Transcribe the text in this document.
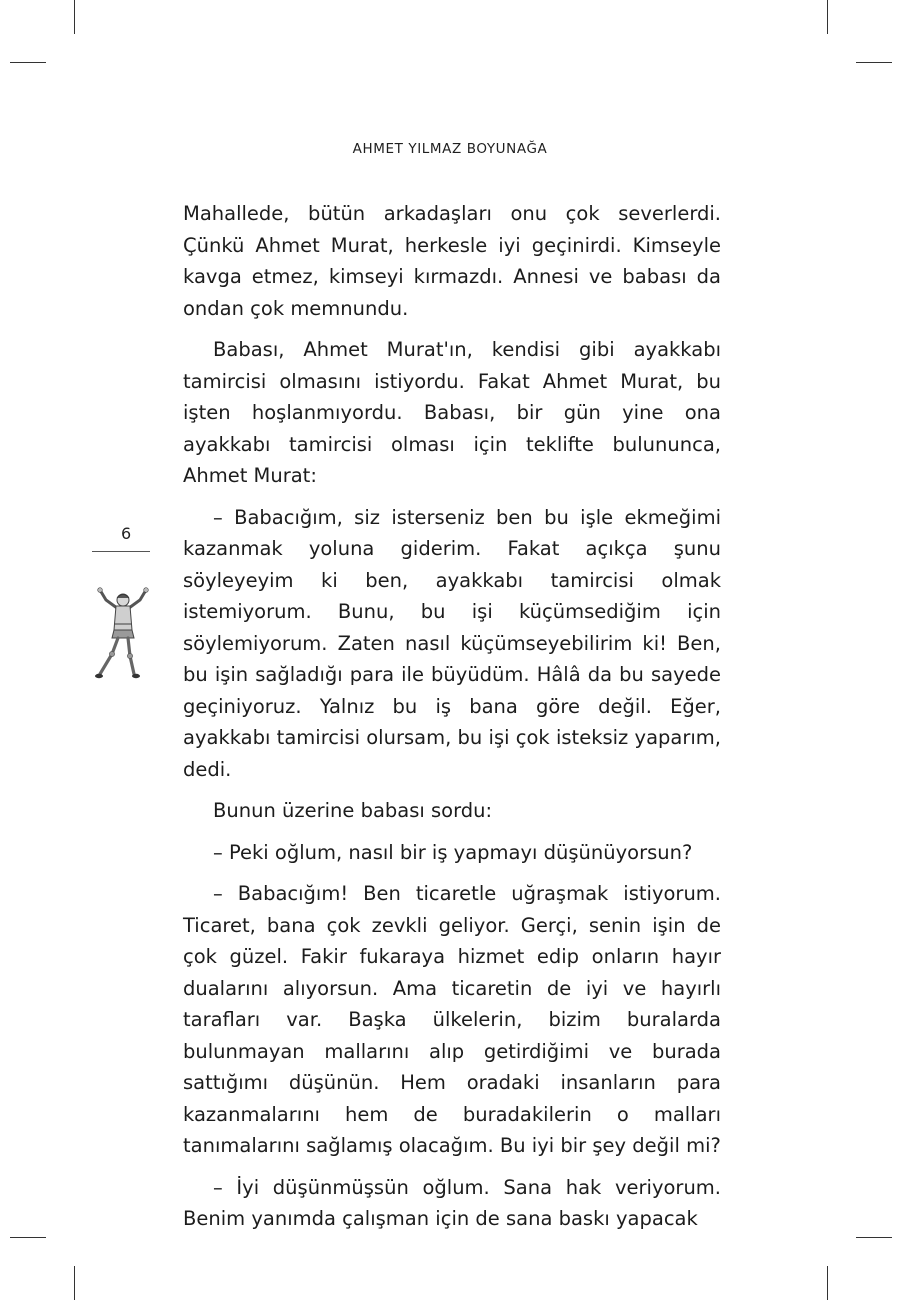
AHMET YILMAZ BOYUNAĞA
6

Mahallede, bütün arkadaşları onu çok severlerdi. Çünkü Ahmet Murat, herkesle iyi geçinirdi. Kimseyle kavga etmez, kimseyi kırmazdı. Annesi ve babası da ondan çok memnundu.

Babası, Ahmet Murat'ın, kendisi gibi ayakkabı tamircisi olmasını istiyordu. Fakat Ahmet Murat, bu işten hoşlanmıyordu. Babası, bir gün yine ona ayakkabı tamircisi olması için teklifte bulununca, Ahmet Murat:

– Babacığım, siz isterseniz ben bu işle ekmeğimi kazanmak yoluna giderim. Fakat açıkça şunu söyleyeyim ki ben, ayakkabı tamircisi olmak istemiyorum. Bunu, bu işi küçümsediğim için söylemiyorum. Zaten nasıl küçümseyebilirim ki! Ben, bu işin sağladığı para ile büyüdüm. Hâlâ da bu sayede geçiniyoruz. Yalnız bu iş bana göre değil. Eğer, ayakkabı tamircisi olursam, bu işi çok isteksiz yaparım, dedi.

Bunun üzerine babası sordu:

– Peki oğlum, nasıl bir iş yapmayı düşünüyorsun?

– Babacığım! Ben ticaretle uğraşmak istiyorum. Ticaret, bana çok zevkli geliyor. Gerçi, senin işin de çok güzel. Fakir fukaraya hizmet edip onların hayır dualarını alıyorsun. Ama ticaretin de iyi ve hayırlı tarafları var. Başka ülkelerin, bizim buralarda bulunmayan mallarını alıp getirdiğimi ve burada sattığımı düşünün. Hem oradaki insanların para kazanmalarını hem de buradakilerin o malları tanımalarını sağlamış olacağım. Bu iyi bir şey değil mi?

– İyi düşünmüşsün oğlum. Sana hak veriyorum. Benim yanımda çalışman için de sana baskı yapacak
